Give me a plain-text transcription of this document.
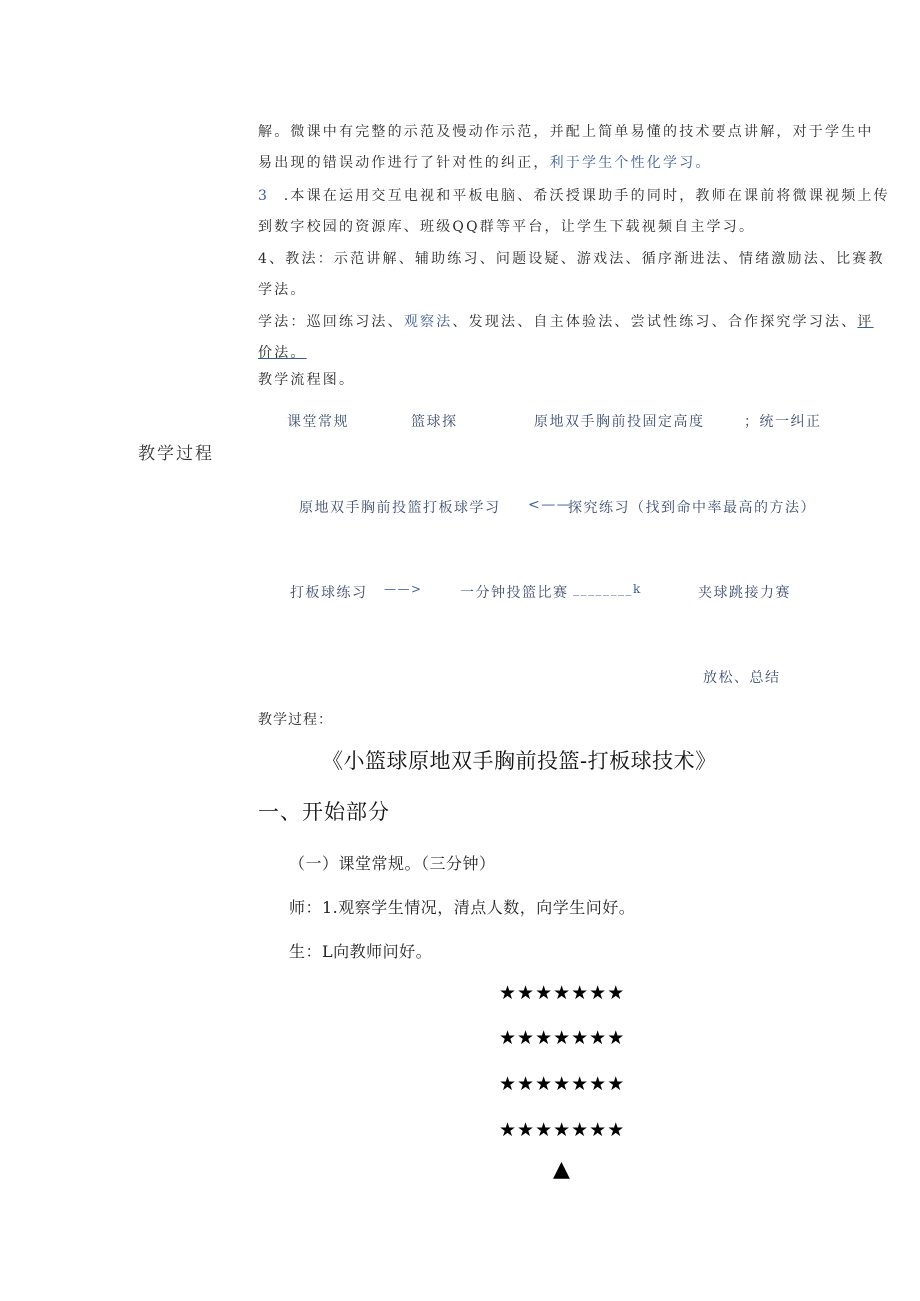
解。微课中有完整的示范及慢动作示范，并配上简单易懂的技术要点讲解，对于学生中
易出现的错误动作进行了针对性的纠正，利于学生个性化学习。
3 .本课在运用交互电视和平板电脑、希沃授课助手的同时，教师在课前将微课视频上传
到数字校园的资源库、班级QQ群等平台，让学生下载视频自主学习。
4、教法：示范讲解、辅助练习、问题设疑、游戏法、循序渐进法、情绪激励法、比赛教
学法。
学法：巡回练习法、观察法、发现法、自主体验法、尝试性练习、合作探究学习法、评
价法。
教学流程图。
教学过程
课堂常规	篮球探	原地双手胸前投固定高度	；统一纠正
原地双手胸前投篮打板球学习 <——
探究练习（找到命中率最高的方法）
打板球练习 ——>	一分钟投篮比赛 ________k	夹球跳接力赛
放松、总结
教学过程：
《小篮球原地双手胸前投篮-打板球技术》
一、开始部分
（一）课堂常规。（三分钟）
师：1.观察学生情况，清点人数，向学生问好。
生：L向教师问好。
★★★★★★★
★★★★★★★
★★★★★★★
★★★★★★★
▲
